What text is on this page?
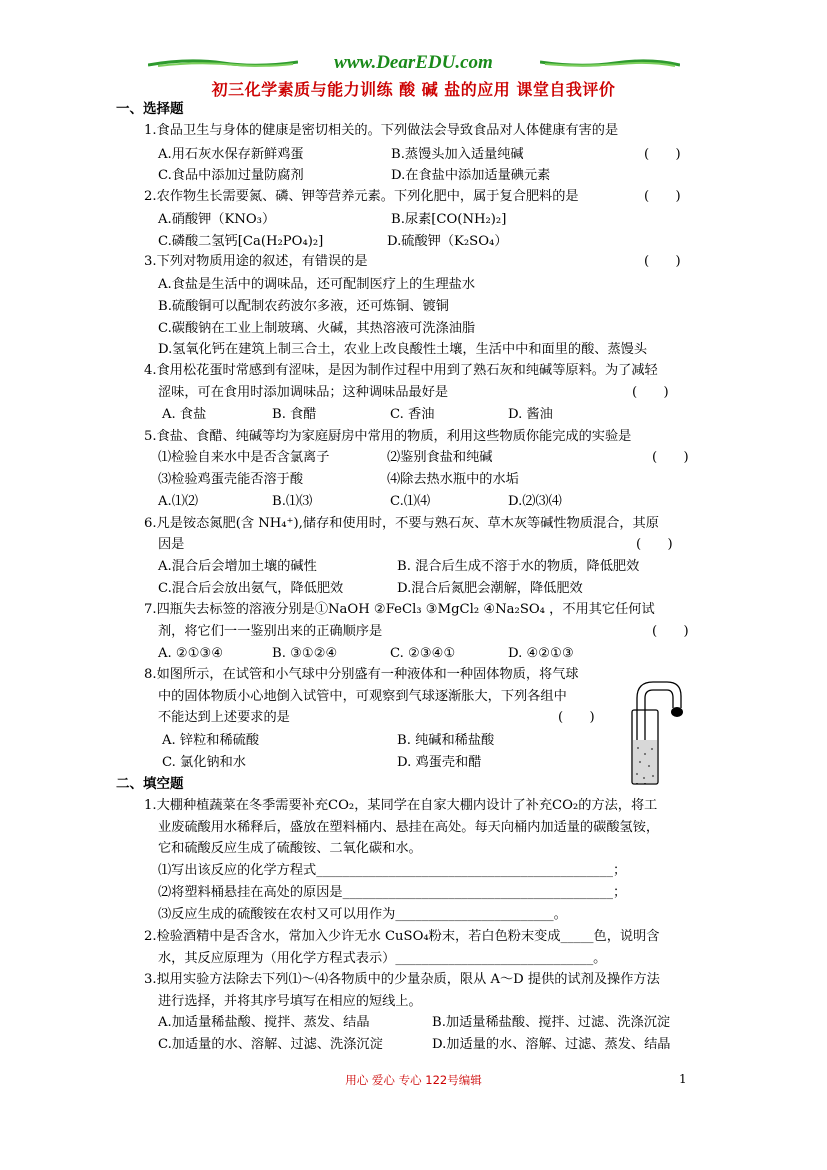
www.DearEDU.com
初三化学素质与能力训练 酸 碱 盐的应用 课堂自我评价
一、选择题
1.食品卫生与身体的健康是密切相关的。下列做法会导致食品对人体健康有害的是
A.用石灰水保存新鲜鸡蛋	B.蒸馒头加入适量纯碱	(　　)
C.食品中添加过量防腐剂	D.在食盐中添加适量碘元素
2.农作物生长需要氮、磷、钾等营养元素。下列化肥中，属于复合肥料的是	(　　)
A.硝酸钾（KNO₃）	B.尿素[CO(NH₂)₂]
C.磷酸二氢钙[Ca(H₂PO₄)₂]	D.硫酸钾（K₂SO₄）
3.下列对物质用途的叙述，有错误的是	(　　)
A.食盐是生活中的调味品，还可配制医疗上的生理盐水
B.硫酸铜可以配制农药波尔多液，还可炼铜、镀铜
C.碳酸钠在工业上制玻璃、火碱，其热溶液可洗涤油脂
D.氢氧化钙在建筑上制三合土，农业上改良酸性土壤，生活中中和面里的酸、蒸馒头
4.食用松花蛋时常感到有涩味，是因为制作过程中用到了熟石灰和纯碱等原料。为了减轻
涩味，可在食用时添加调味品；这种调味品最好是	(　　)
A. 食盐	B. 食醋	C. 香油	D. 酱油
5.食盐、食醋、纯碱等均为家庭厨房中常用的物质，利用这些物质你能完成的实验是
⑴检验自来水中是否含氯离子	⑵鉴别食盐和纯碱	(　　)
⑶检验鸡蛋壳能否溶于酸	⑷除去热水瓶中的水垢
A.⑴⑵	B.⑴⑶	C.⑴⑷	D.⑵⑶⑷
6.凡是铵态氮肥(含 NH₄⁺),储存和使用时，不要与熟石灰、草木灰等碱性物质混合，其原
因是	(　　)
A.混合后会增加土壤的碱性	B. 混合后生成不溶于水的物质，降低肥效
C.混合后会放出氨气，降低肥效	D.混合后氮肥会潮解，降低肥效
7.四瓶失去标签的溶液分别是①NaOH ②FeCl₃ ③MgCl₂ ④Na₂SO₄ ，不用其它任何试
剂，将它们一一鉴别出来的正确顺序是	(　　)
A. ②①③④	B. ③①②④	C. ②③④①	D. ④②①③
8.如图所示，在试管和小气球中分别盛有一种液体和一种固体物质，将气球
中的固体物质小心地倒入试管中，可观察到气球逐渐胀大，下列各组中
不能达到上述要求的是	(　　)
A. 锌粒和稀硫酸	B. 纯碱和稀盐酸
C. 氯化钠和水	D. 鸡蛋壳和醋
二、填空题
1.大棚种植蔬菜在冬季需要补充CO₂，某同学在自家大棚内设计了补充CO₂的方法，将工
业废硫酸用水稀释后，盛放在塑料桶内、悬挂在高处。每天向桶内加适量的碳酸氢铵，
它和硫酸反应生成了硫酸铵、二氧化碳和水。
⑴写出该反应的化学方程式_____________________________________________；
⑵将塑料桶悬挂在高处的原因是_________________________________________；
⑶反应生成的硫酸铵在农村又可以用作为________________________。
2.检验酒精中是否含水，常加入少许无水 CuSO₄粉末，若白色粉末变成_____色，说明含
水，其反应原理为（用化学方程式表示）______________________________。
3.拟用实验方法除去下列⑴～⑷各物质中的少量杂质，限从 A～D 提供的试剂及操作方法
进行选择，并将其序号填写在相应的短线上。
A.加适量稀盐酸、搅拌、蒸发、结晶	B.加适量稀盐酸、搅拌、过滤、洗涤沉淀
C.加适量的水、溶解、过滤、洗涤沉淀	D.加适量的水、溶解、过滤、蒸发、结晶
用心 爱心 专心 122号编辑	1
